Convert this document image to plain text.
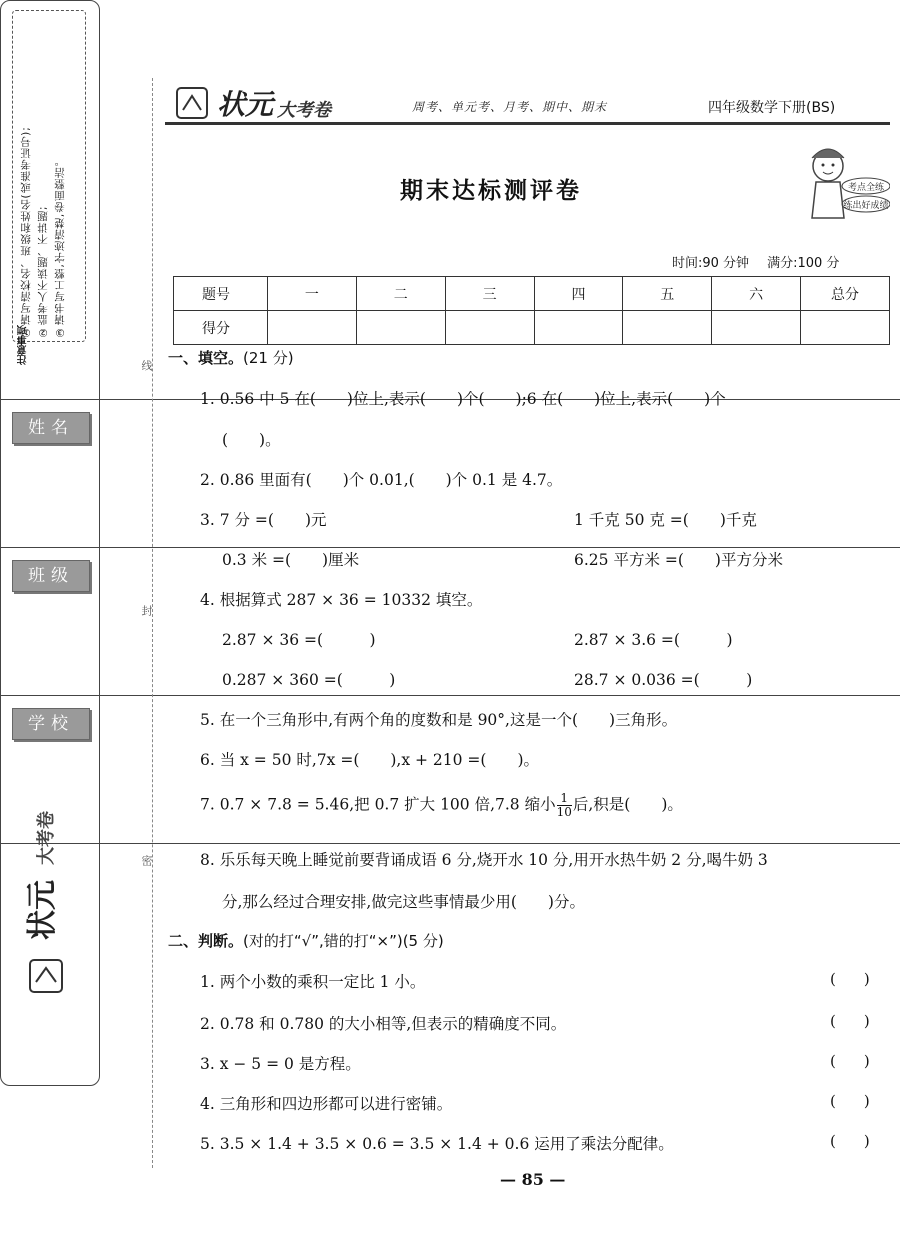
①请写清校名、班级和姓名(或准考证号); ②监考人不读题、不讲题; ③请书写工整,字迹清楚,卷面整洁。
注意事项
姓名
班级
学校
状元
大考卷
线
封
密
状元 大考卷	周考、单元考、月考、期中、期末	四年级数学下册(BS)
期末达标测评卷	考点全练
练出好成绩
时间:90 分钟 满分:100 分
题号	一	二	三	四	五	六	总分
得分							
一、填空。(21 分)
1. 0.56 中 5 在(　　)位上,表示(　　)个(　　);6 在(　　)位上,表示(　　)个
(　　)。
2. 0.86 里面有(　　)个 0.01,(　　)个 0.1 是 4.7。
3. 7 分 =(　　)元	1 千克 50 克 =(　　)千克
0.3 米 =(　　)厘米	6.25 平方米 =(　　)平方分米
4. 根据算式 287 × 36 = 10332 填空。
2.87 × 36 =(　　　)	2.87 × 3.6 =(　　　)
0.287 × 360 =(　　　)	28.7 × 0.036 =(　　　)
5. 在一个三角形中,有两个角的度数和是 90°,这是一个(　　)三角形。
6. 当 x = 50 时,7x =(　　),x + 210 =(　　)。
7. 0.7 × 7.8 = 5.46,把 0.7 扩大 100 倍,7.8 缩小 $\frac{1}{10}$ 后,积是(　　)。
8. 乐乐每天晚上睡觉前要背诵成语 6 分,烧开水 10 分,用开水热牛奶 2 分,喝牛奶 3
分,那么经过合理安排,做完这些事情最少用(　　)分。
二、判断。(对的打“√”,错的打“×”)(5 分)
1. 两个小数的乘积一定比 1 小。	()
2. 0.78 和 0.780 的大小相等,但表示的精确度不同。	()
3. x − 5 = 0 是方程。	()
4. 三角形和四边形都可以进行密铺。	()
5. 3.5 × 1.4 + 3.5 × 0.6 = 3.5 × 1.4 + 0.6 运用了乘法分配律。	()
— 85 —
